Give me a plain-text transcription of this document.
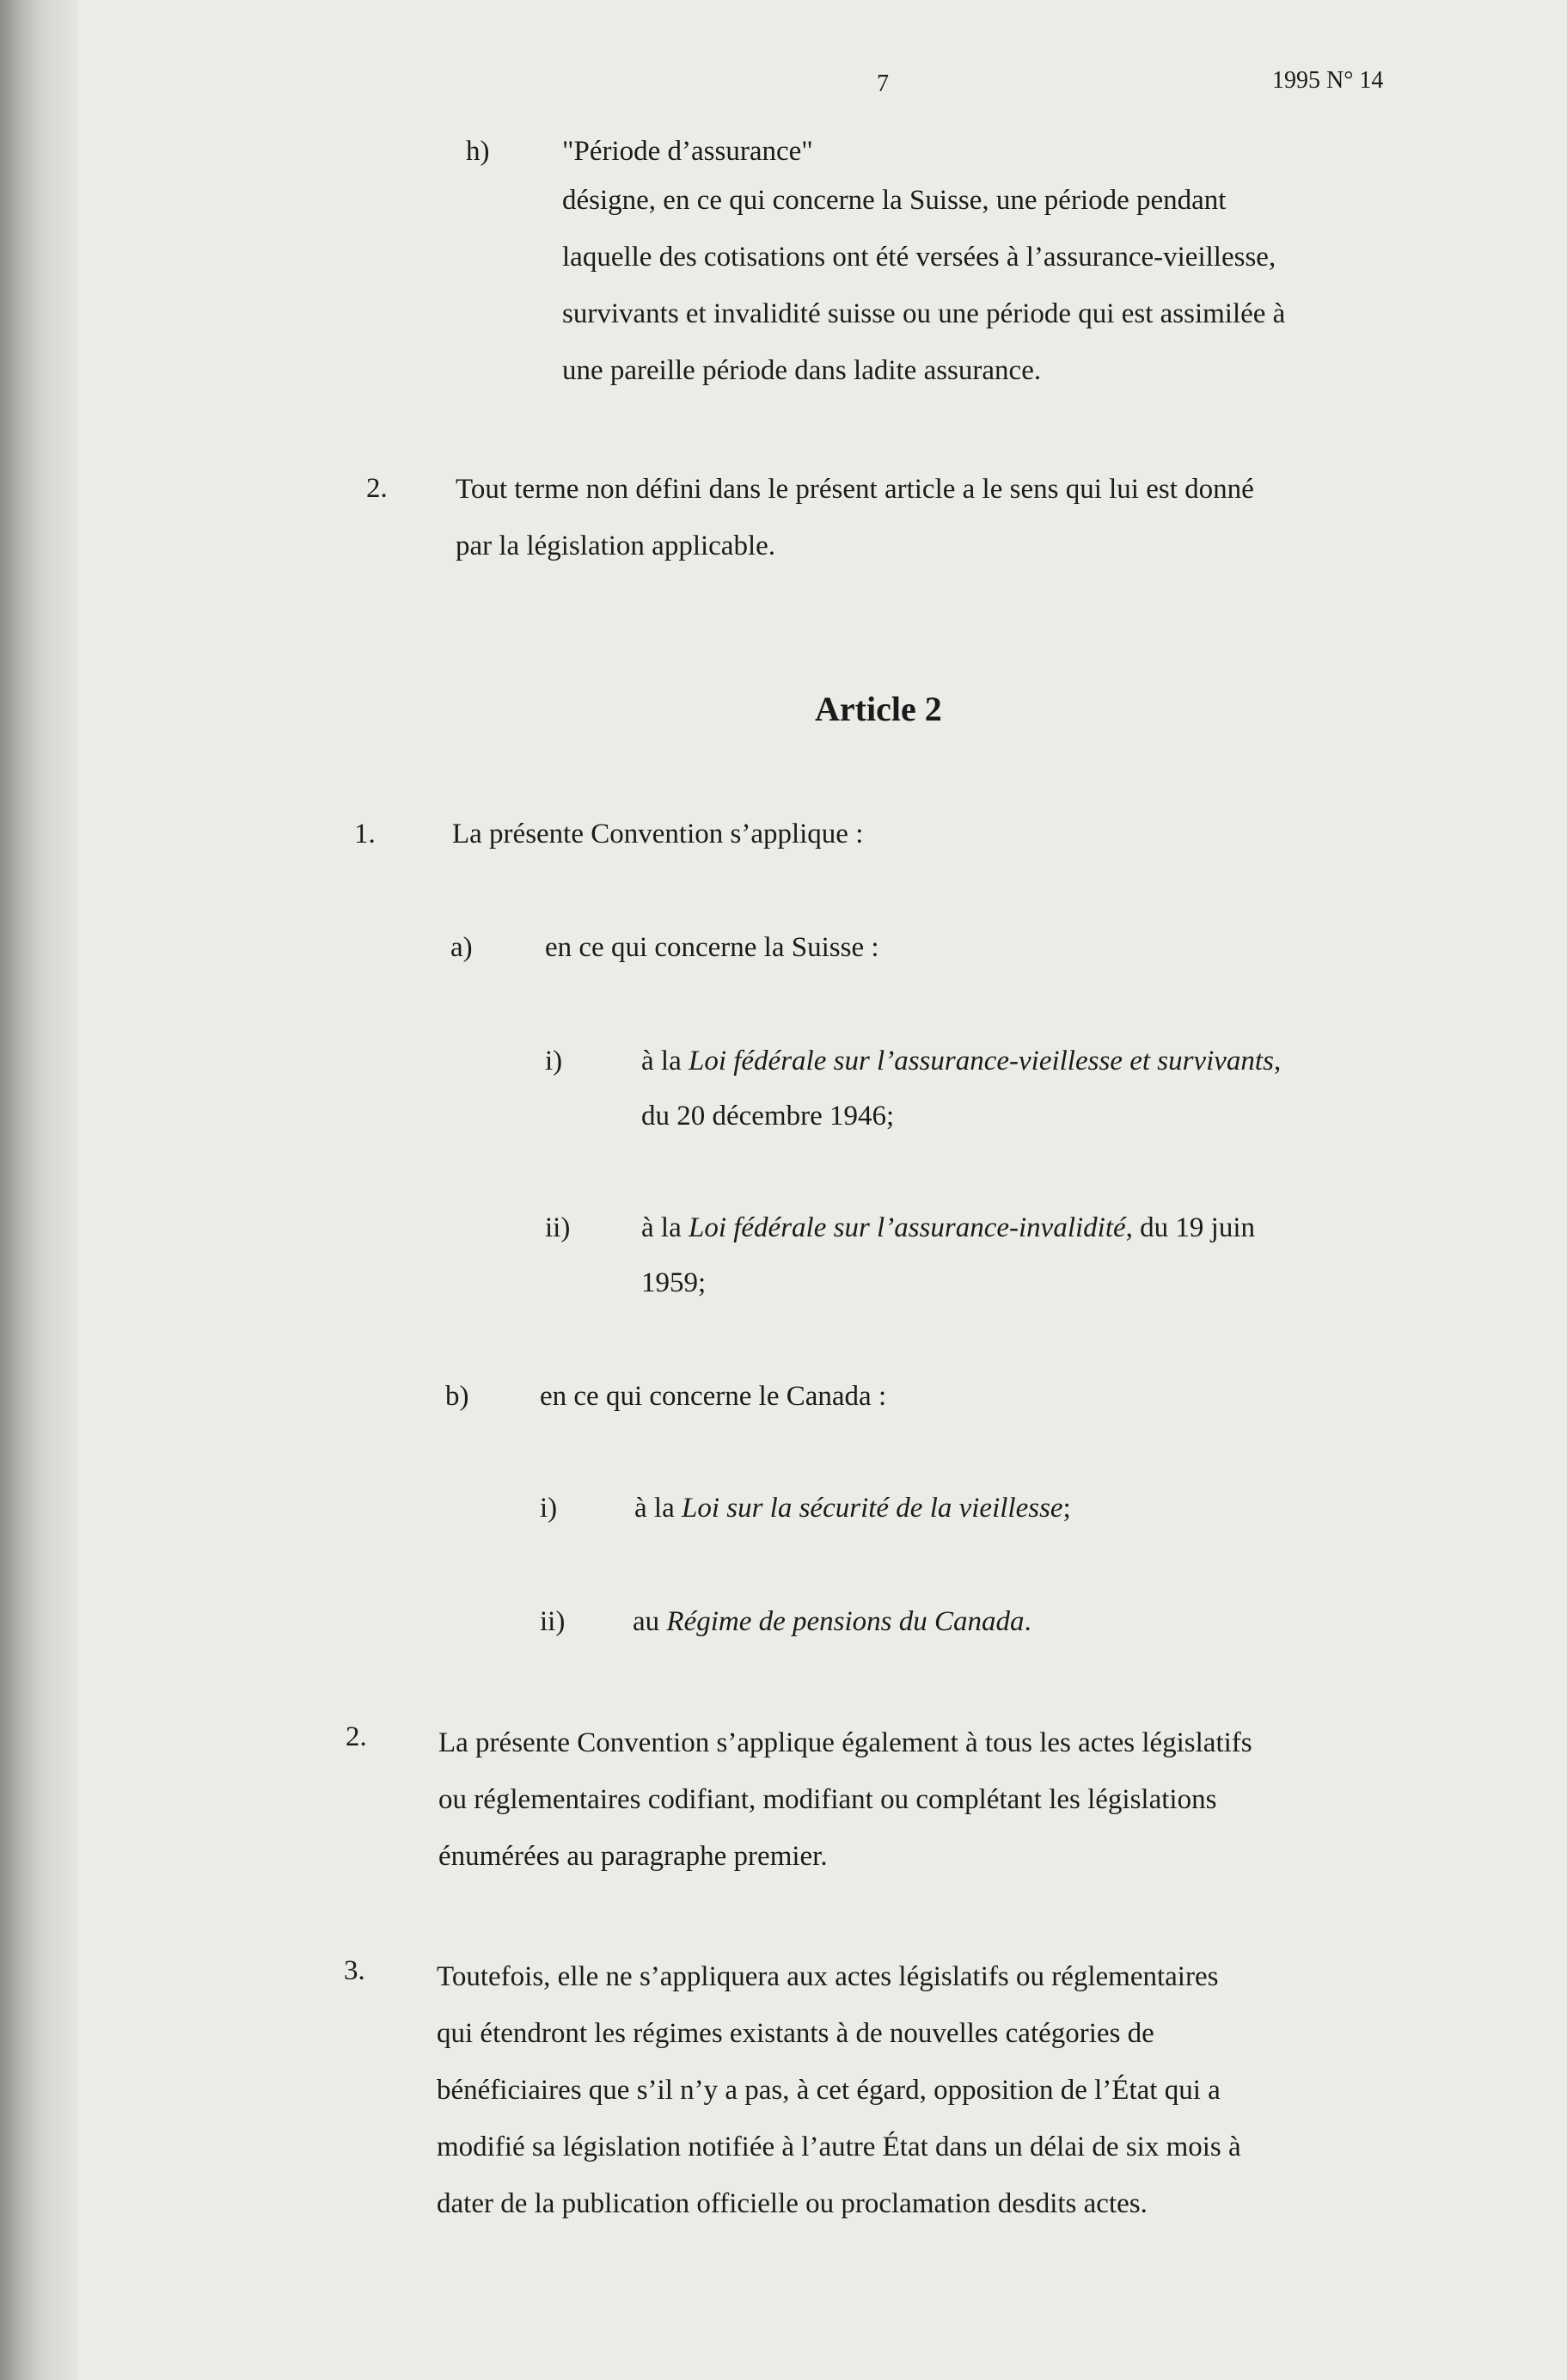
7	1995 N° 14
h)	"Période d’assurance"
désigne, en ce qui concerne la Suisse, une période pendant
laquelle des cotisations ont été versées à l’assurance-vieillesse,
survivants et invalidité suisse ou une période qui est assimilée à
une pareille période dans ladite assurance.
2. Tout terme non défini dans le présent article a le sens qui lui est donné
par la législation applicable.
Article 2
1.	La présente Convention s’applique :
a)	en ce qui concerne la Suisse :
i)	à la Loi fédérale sur l’assurance-vieillesse et survivants,
du 20 décembre 1946;
ii)	à la Loi fédérale sur l’assurance-invalidité, du 19 juin
1959;
b)	en ce qui concerne le Canada :
i)	à la Loi sur la sécurité de la vieillesse;
ii) au Régime de pensions du Canada.
2.	La présente Convention s’applique également à tous les actes législatifs
ou réglementaires codifiant, modifiant ou complétant les législations
énumérées au paragraphe premier.
3.	Toutefois, elle ne s’appliquera aux actes législatifs ou réglementaires
qui étendront les régimes existants à de nouvelles catégories de
bénéficiaires que s’il n’y a pas, à cet égard, opposition de l’État qui a
modifié sa législation notifiée à l’autre État dans un délai de six mois à
dater de la publication officielle ou proclamation desdits actes.
